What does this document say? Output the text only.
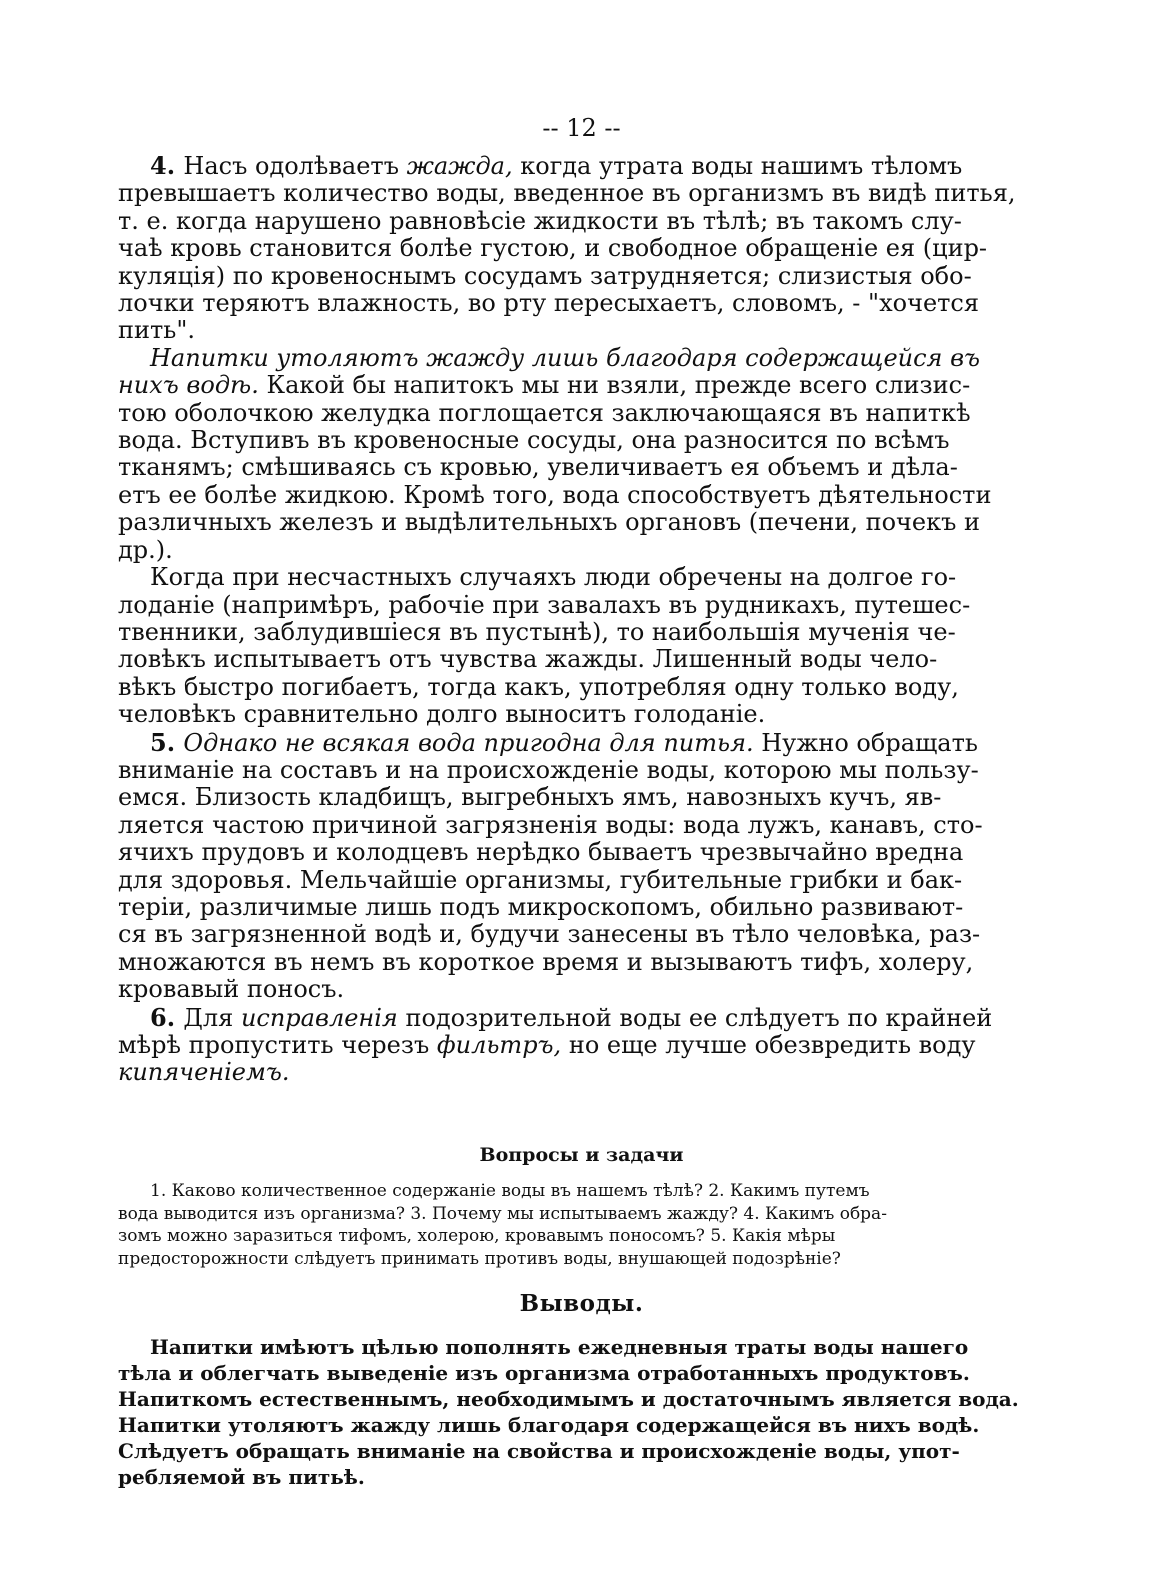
-- 12 --

4. Насъ одолѣваетъ жажда, когда утрата воды нашимъ тѣломъ
превышаетъ количество воды, введенное въ организмъ въ видѣ питья,
т. е. когда нарушено равновѣсіе жидкости въ тѣлѣ; въ такомъ слу-
чаѣ кровь становится болѣе густою, и свободное обращеніе ея (цир-
куляція) по кровеноснымъ сосудамъ затрудняется; слизистыя обо-
лочки теряютъ влажность, во рту пересыхаетъ, словомъ, - "хочется
пить".

Напитки утоляютъ жажду лишь благодаря содержащейся въ
нихъ водѣ. Какой бы напитокъ мы ни взяли, прежде всего слизис-
тою оболочкою желудка поглощается заключающаяся въ напиткѣ
вода. Вступивъ въ кровеносные сосуды, она разносится по всѣмъ
тканямъ; смѣшиваясь съ кровью, увеличиваетъ ея объемъ и дѣла-
етъ ее болѣе жидкою. Кромѣ того, вода способствуетъ дѣятельности
различныхъ железъ и выдѣлительныхъ органовъ (печени, почекъ и
др.).

Когда при несчастныхъ случаяхъ люди обречены на долгое го-
лоданіе (напримѣръ, рабочіе при завалахъ въ рудникахъ, путешес-
твенники, заблудившіеся въ пустынѣ), то наибольшія мученія че-
ловѣкъ испытываетъ отъ чувства жажды. Лишенный воды чело-
вѣкъ быстро погибаетъ, тогда какъ, употребляя одну только воду,
человѣкъ сравнительно долго выноситъ голоданіе.

5. Однако не всякая вода пригодна для питья. Нужно обращать
вниманіе на составъ и на происхожденіе воды, которою мы пользу-
емся. Близость кладбищъ, выгребныхъ ямъ, навозныхъ кучъ, яв-
ляется частою причиной загрязненія воды: вода лужъ, канавъ, сто-
ячихъ прудовъ и колодцевъ нерѣдко бываетъ чрезвычайно вредна
для здоровья. Мельчайшіе организмы, губительные грибки и бак-
теріи, различимые лишь подъ микроскопомъ, обильно развивают-
ся въ загрязненной водѣ и, будучи занесены въ тѣло человѣка, раз-
множаются въ немъ въ короткое время и вызываютъ тифъ, холеру,
кровавый поносъ.

6. Для исправленія подозрительной воды ее слѣдуетъ по крайней
мѣрѣ пропустить черезъ фильтръ, но еще лучше обезвредить воду
кипяченіемъ.

Вопросы и задачи

1. Каково количественное содержаніе воды въ нашемъ тѣлѣ? 2. Какимъ путемъ
вода выводится изъ организма? 3. Почему мы испытываемъ жажду? 4. Какимъ обра-
зомъ можно заразиться тифомъ, холерою, кровавымъ поносомъ? 5. Какія мѣры
предосторожности слѣдуетъ принимать противъ воды, внушающей подозрѣніе?

Выводы.

Напитки имѣютъ цѣлью пополнять ежедневныя траты воды нашего
тѣла и облегчать выведеніе изъ организма отработанныхъ продуктовъ.
Напиткомъ естественнымъ, необходимымъ и достаточнымъ является вода.
Напитки утоляютъ жажду лишь благодаря содержащейся въ нихъ водѣ.
Слѣдуетъ обращать вниманіе на свойства и происхожденіе воды, упот-
ребляемой въ питьѣ.
